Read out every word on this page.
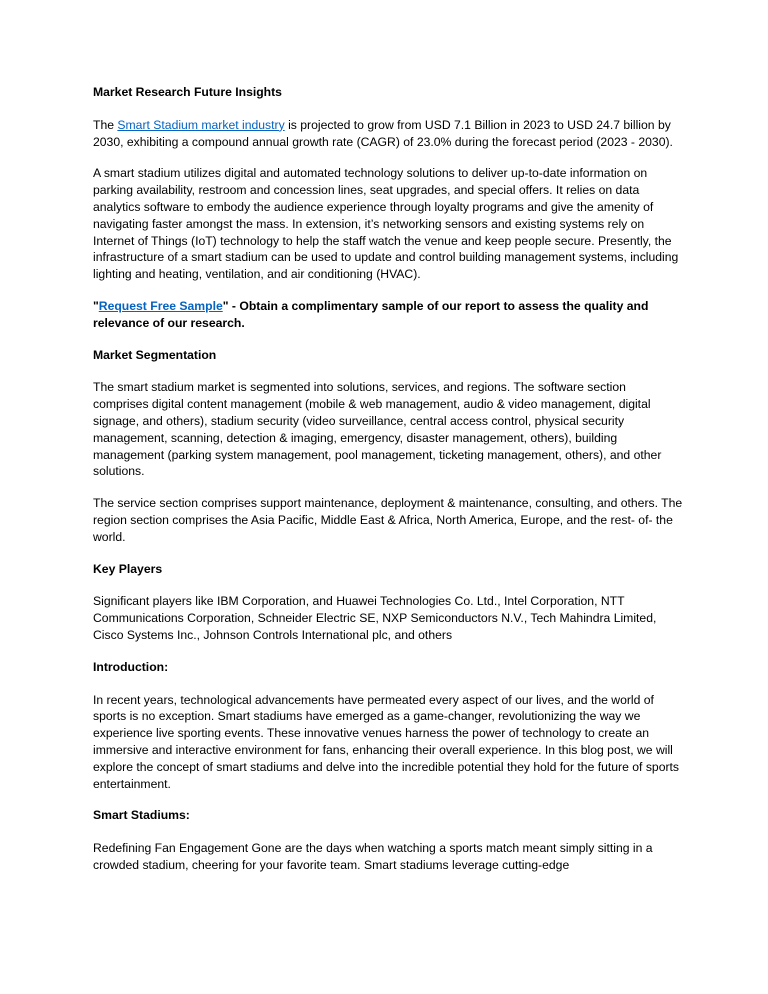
Market Research Future Insights

The Smart Stadium market industry is projected to grow from USD 7.1 Billion in 2023 to USD 24.7 billion by 2030, exhibiting a compound annual growth rate (CAGR) of 23.0% during the forecast period (2023 - 2030).

A smart stadium utilizes digital and automated technology solutions to deliver up-to-date information on parking availability, restroom and concession lines, seat upgrades, and special offers. It relies on data analytics software to embody the audience experience through loyalty programs and give the amenity of navigating faster amongst the mass. In extension, it’s networking sensors and existing systems rely on Internet of Things (IoT) technology to help the staff watch the venue and keep people secure. Presently, the infrastructure of a smart stadium can be used to update and control building management systems, including lighting and heating, ventilation, and air conditioning (HVAC).

"Request Free Sample" - Obtain a complimentary sample of our report to assess the quality and relevance of our research.

Market Segmentation

The smart stadium market is segmented into solutions, services, and regions. The software section comprises digital content management (mobile & web management, audio & video management, digital signage, and others), stadium security (video surveillance, central access control, physical security management, scanning, detection & imaging, emergency, disaster management, others), building management (parking system management, pool management, ticketing management, others), and other solutions.

The service section comprises support maintenance, deployment & maintenance, consulting, and others. The region section comprises the Asia Pacific, Middle East & Africa, North America, Europe, and the rest- of- the world.

Key Players

Significant players like IBM Corporation, and Huawei Technologies Co. Ltd., Intel Corporation, NTT Communications Corporation, Schneider Electric SE, NXP Semiconductors N.V., Tech Mahindra Limited, Cisco Systems Inc., Johnson Controls International plc, and others

Introduction:

In recent years, technological advancements have permeated every aspect of our lives, and the world of sports is no exception. Smart stadiums have emerged as a game-changer, revolutionizing the way we experience live sporting events. These innovative venues harness the power of technology to create an immersive and interactive environment for fans, enhancing their overall experience. In this blog post, we will explore the concept of smart stadiums and delve into the incredible potential they hold for the future of sports entertainment.

Smart Stadiums:

Redefining Fan Engagement Gone are the days when watching a sports match meant simply sitting in a crowded stadium, cheering for your favorite team. Smart stadiums leverage cutting-edge
